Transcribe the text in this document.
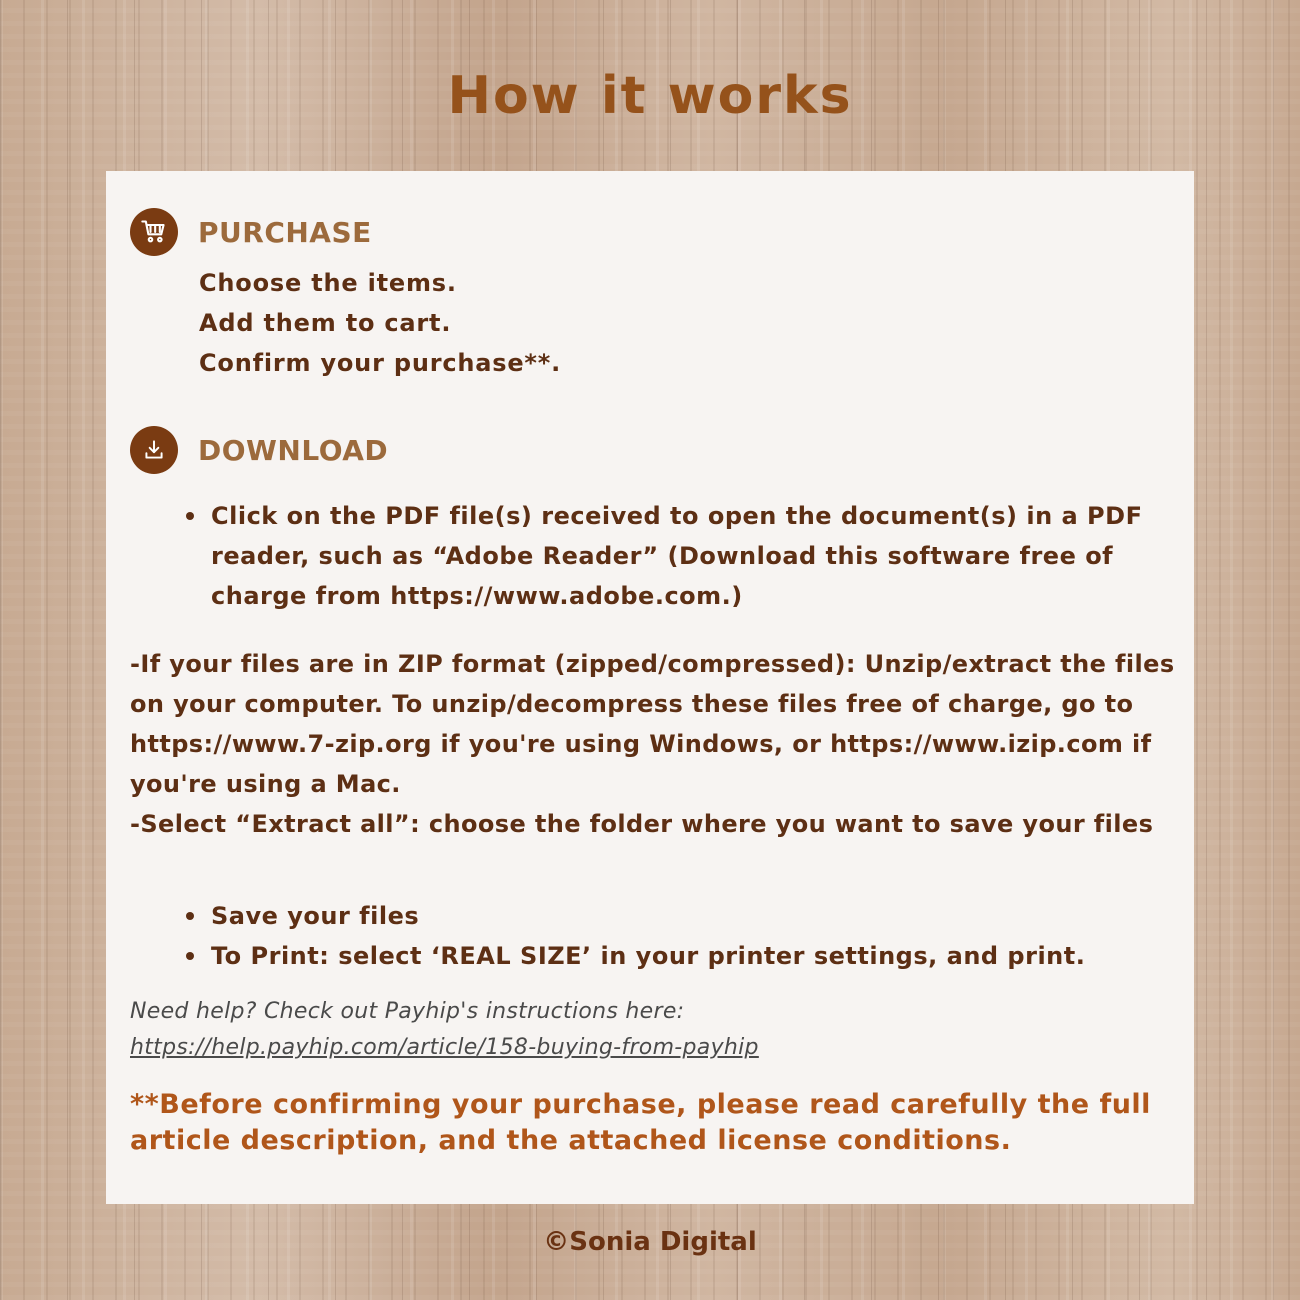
How it works
PURCHASE
Choose the items.
Add them to cart.
Confirm your purchase**.
DOWNLOAD
Click on the PDF file(s) received to open the document(s) in a PDF reader, such as “Adobe Reader” (Download this software free of charge from https://www.adobe.com.)
-If your files are in ZIP format (zipped/compressed): Unzip/extract the files on your computer. To unzip/decompress these files free of charge, go to https://www.7-zip.org if you're using Windows, or https://www.izip.com if you're using a Mac.
-Select “Extract all”: choose the folder where you want to save your files
Save your files
To Print: select ‘REAL SIZE’ in your printer settings, and print.
Need help? Check out Payhip's instructions here:
https://help.payhip.com/article/158-buying-from-payhip
**Before confirming your purchase, please read carefully the full article description, and the attached license conditions.
©Sonia Digital
